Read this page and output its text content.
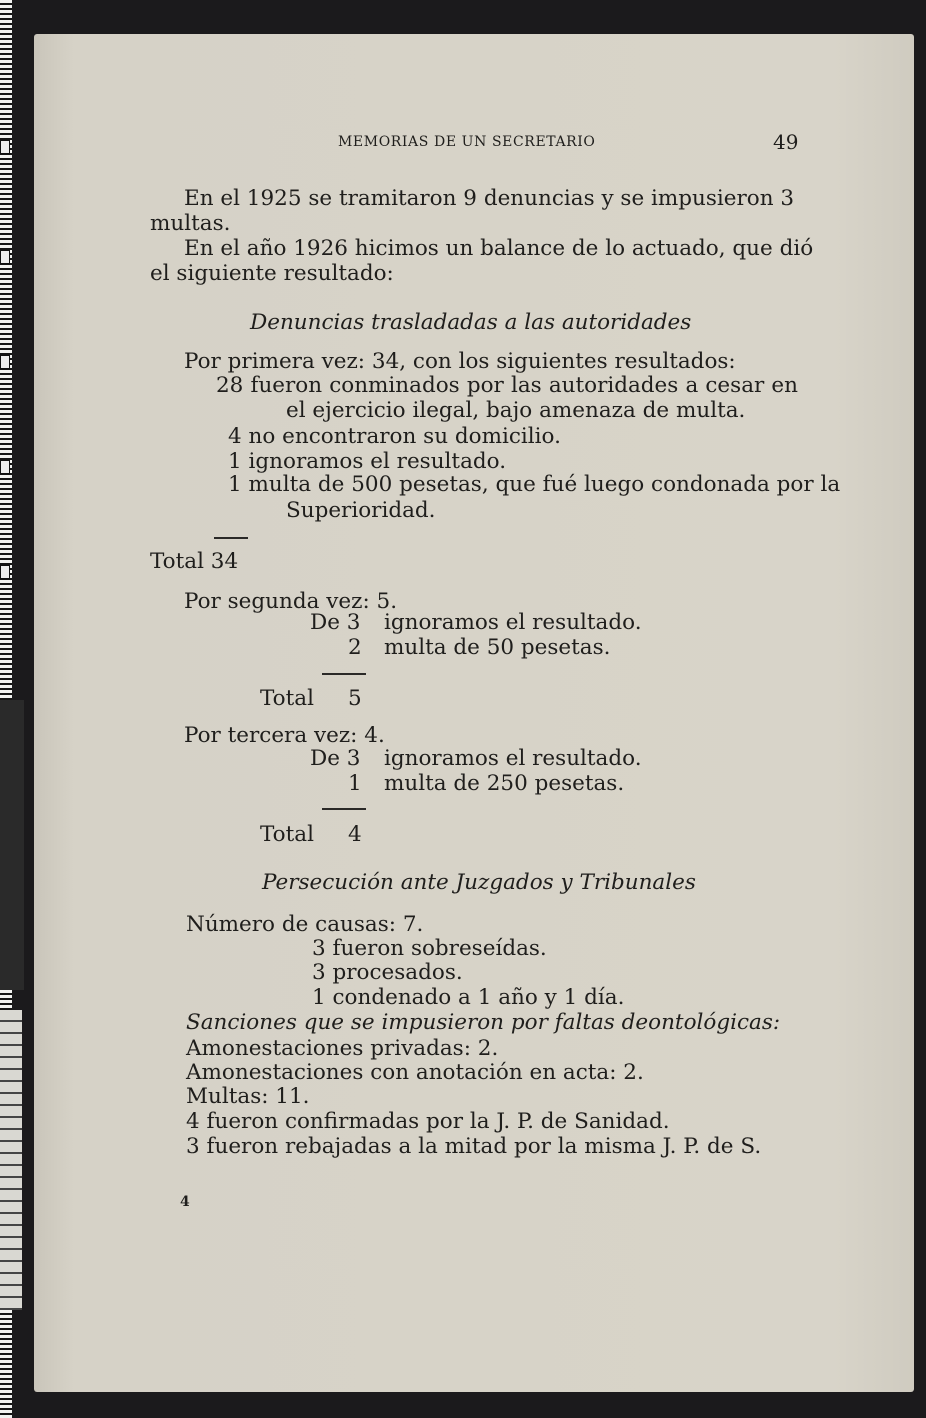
MEMORIAS DE UN SECRETARIO	49
En el 1925 se tramitaron 9 denuncias y se impusieron 3
multas.
En el año 1926 hicimos un balance de lo actuado, que dió
el siguiente resultado:
Denuncias trasladadas a las autoridades
Por primera vez: 34, con los siguientes resultados:
28 fueron conminados por las autoridades a cesar en
el ejercicio ilegal, bajo amenaza de multa.
4 no encontraron su domicilio.
1 ignoramos el resultado.
1 multa de 500 pesetas, que fué luego condonada por la
Superioridad.
Total 34
Por segunda vez: 5.
De 3 ignoramos el resultado.
2 multa de 50 pesetas.
Total 5
Por tercera vez: 4.
De 3 ignoramos el resultado.
1 multa de 250 pesetas.
Total 4
Persecución ante Juzgados y Tribunales
Número de causas: 7.
3 fueron sobreseídas.
3 procesados.
1 condenado a 1 año y 1 día.
Sanciones que se impusieron por faltas deontológicas:
Amonestaciones privadas: 2.
Amonestaciones con anotación en acta: 2.
Multas: 11.
4 fueron confirmadas por la J. P. de Sanidad.
3 fueron rebajadas a la mitad por la misma J. P. de S.
4
